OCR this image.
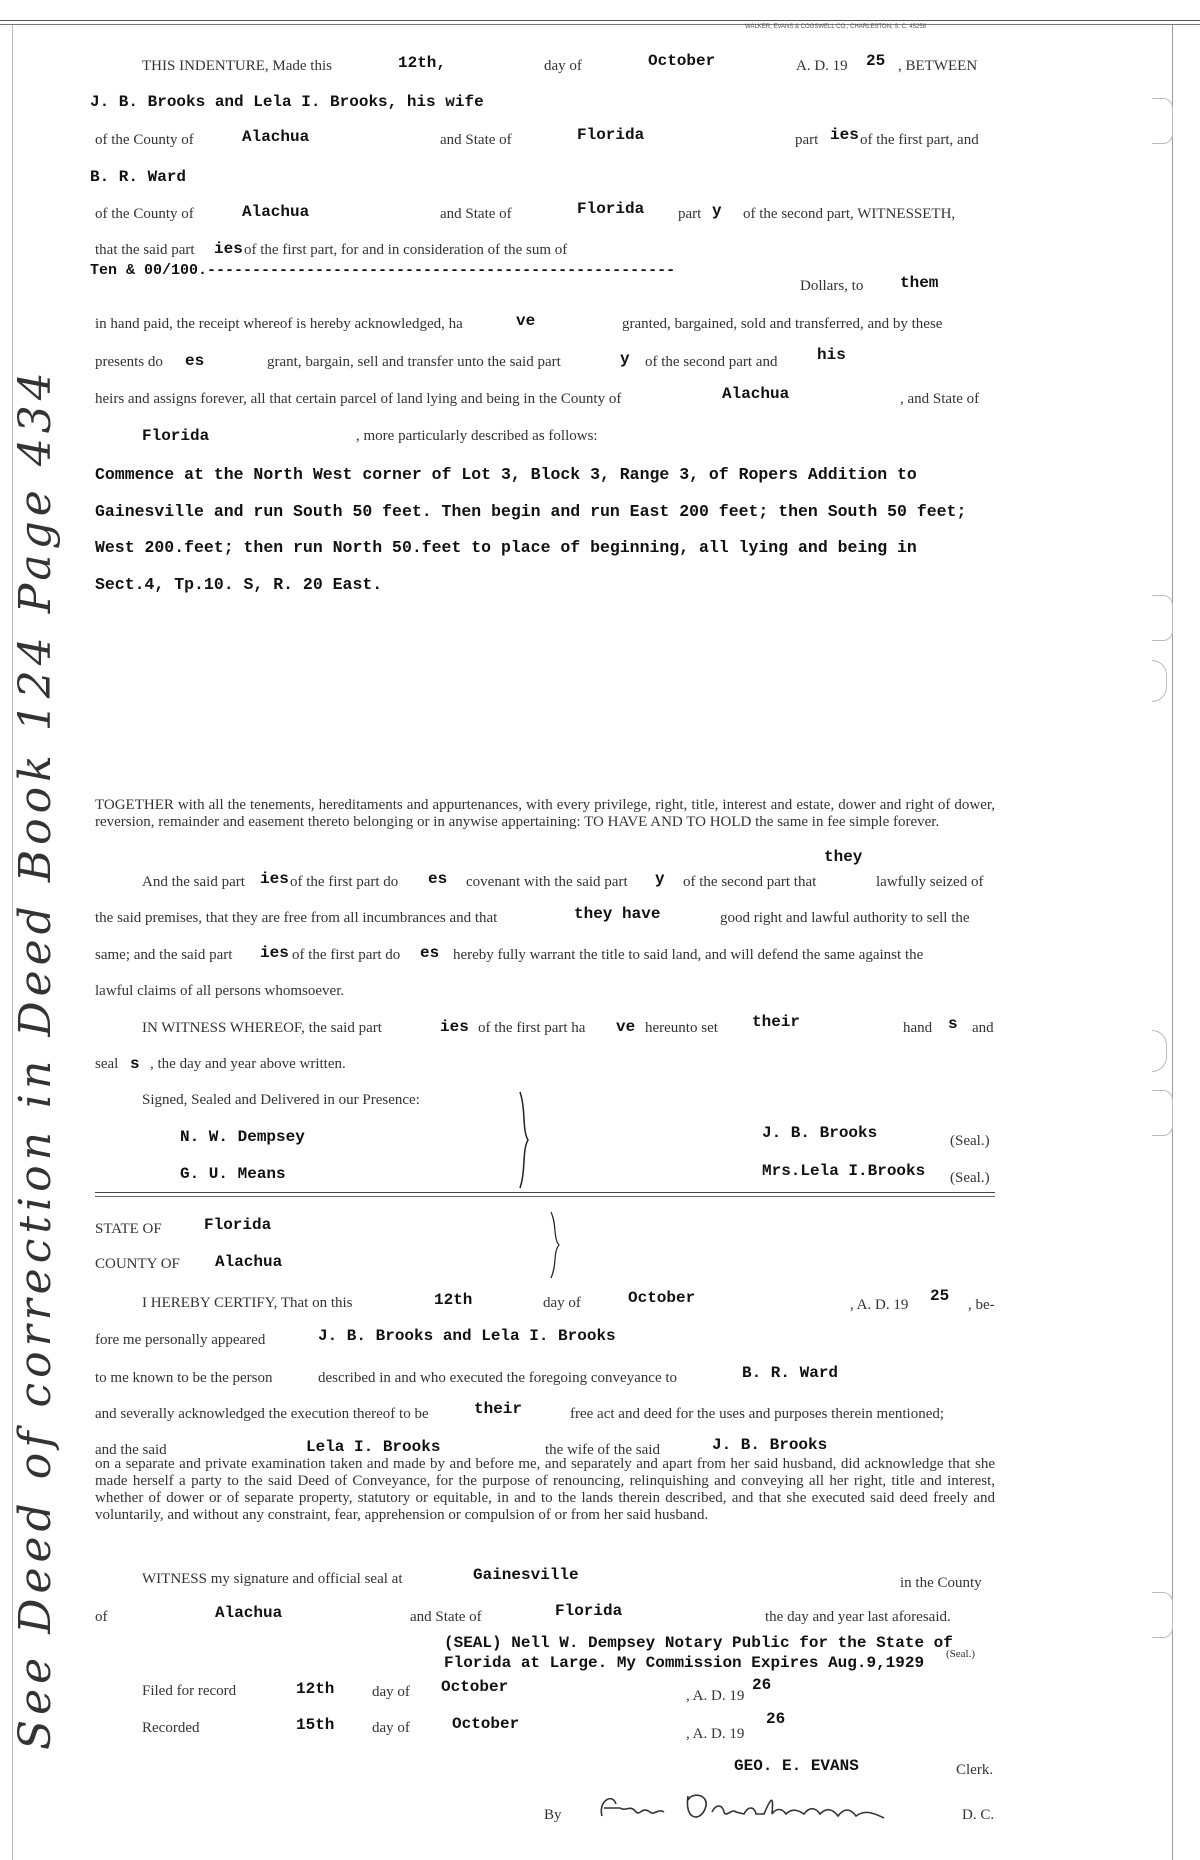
WALKER, EVANS & COGSWELL CO., CHARLESTON, S. C. 45258
See Deed of correction in Deed Book 124 Page 434
THIS INDENTURE, Made this	12th,	day of	October	A. D. 19 25 , BETWEEN
J. B. Brooks and Lela I. Brooks, his wife
of the County of	Alachua	and State of	Florida	part ies of the first part, and
B. R. Ward
of the County of	Alachua	and State of	Florida part y of the second part, WITNESSETH,
that the said part ies of the first part, for and in consideration of the sum of
Ten & 00/100.----------------------------------------------------
Dollars, to them
in hand paid, the receipt whereof is hereby acknowledged, ha	ve	granted, bargained, sold and transferred, and by these
presents do es	grant, bargain, sell and transfer unto the said part	y of the second part and his
heirs and assigns forever, all that certain parcel of land lying and being in the County of	Alachua	, and State of
Florida	, more particularly described as follows:
Commence at the North West corner of Lot 3, Block 3, Range 3, of Ropers Addition to
Gainesville and run South 50 feet. Then begin and run East 200 feet; then South 50 feet;
West 200.feet; then run North 50.feet to place of beginning, all lying and being in
Sect.4, Tp.10. S, R. 20 East.
TOGETHER with all the tenements, hereditaments and appurtenances, with every privilege, right, title, interest and estate, dower and right of dower, reversion, remainder and easement thereto belonging or in anywise appertaining: TO HAVE AND TO HOLD the same in fee simple forever.
they
And the said part ies of the first part do es covenant with the said part y of the second part that	lawfully seized of
the said premises, that they are free from all incumbrances and that	they have	good right and lawful authority to sell the
same; and the said part ies of the first part do es hereby fully warrant the title to said land, and will defend the same against the
lawful claims of all persons whomsoever.
IN WITNESS WHEREOF, the said part	ies of the first part ha ve hereunto set their	hand s and
seal s , the day and year above written.
Signed, Sealed and Delivered in our Presence:
N. W. Dempsey
G. U. Means
J. B. Brooks
Mrs.Lela I.Brooks
(Seal.)
(Seal.)
STATE OF	Florida
COUNTY OF Alachua
I HEREBY CERTIFY, That on this	12th	day of	October	, A. D. 19 25 , be-
fore me personally appeared	J. B. Brooks and Lela I. Brooks
to me known to be the person	described in and who executed the foregoing conveyance to	B. R. Ward
and severally acknowledged the execution thereof to be	their	free act and deed for the uses and purposes therein mentioned;
and the said	Lela I. Brooks	the wife of the said	J. B. Brooks
on a separate and private examination taken and made by and before me, and separately and apart from her said husband, did acknowledge that she made herself a party to the said Deed of Conveyance, for the purpose of renouncing, relinquishing and conveying all her right, title and interest, whether of dower or of separate property, statutory or equitable, in and to the lands therein described, and that she executed said deed freely and voluntarily, and without any constraint, fear, apprehension or compulsion of or from her said husband.
WITNESS my signature and official seal at	Gainesville	in the County
of	Alachua	and State of	Florida	the day and year last aforesaid.
(SEAL) Nell W. Dempsey Notary Public for the State of
Florida at Large. My Commission Expires Aug.9,1929 (Seal.)
Filed for record	12th	day of October	, A. D. 19
26
Recorded	15th	day of	October
, A. D. 19
26
GEO. E. EVANS	Clerk.
By	D. C.
